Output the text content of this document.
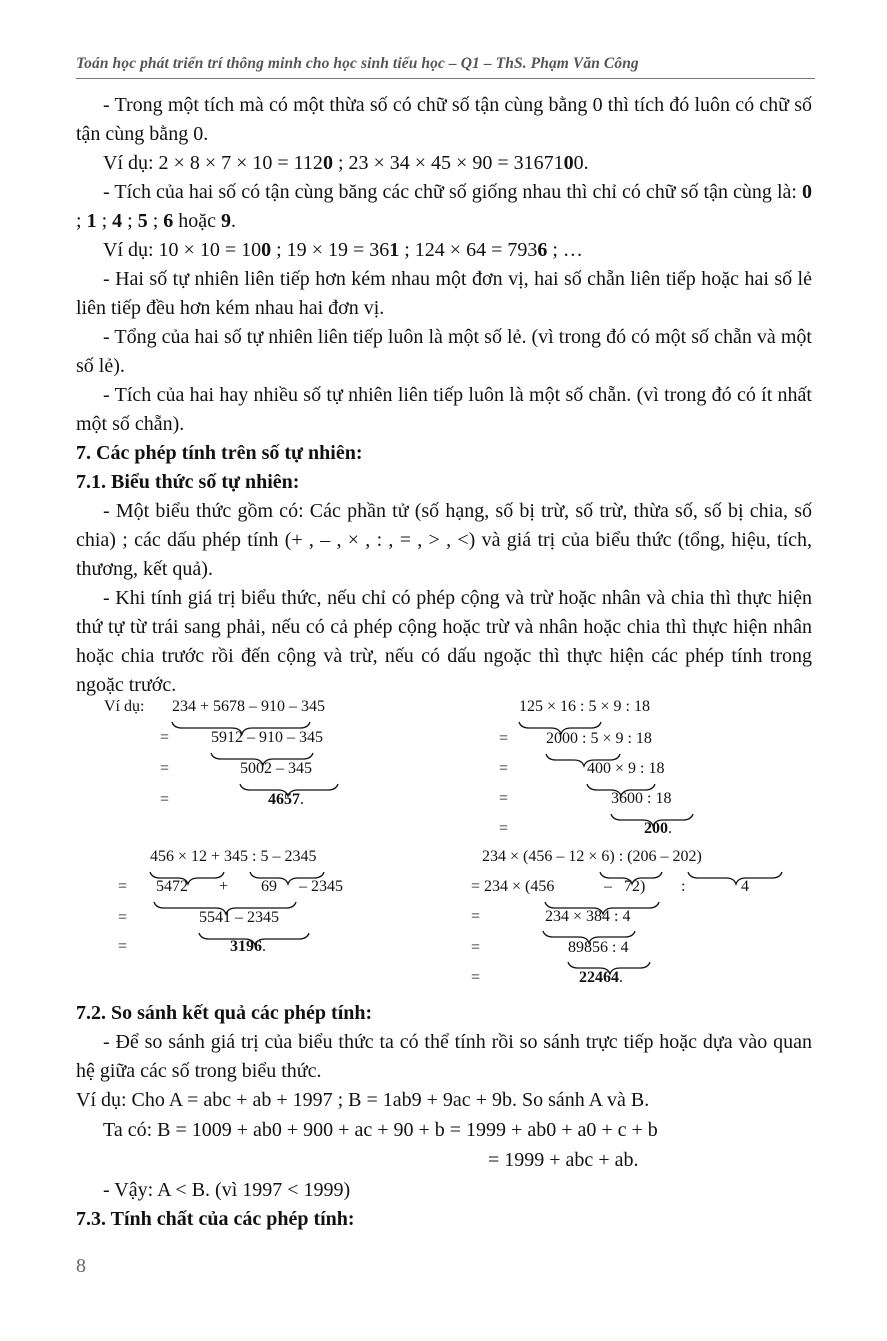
Toán học phát triển trí thông minh cho học sinh tiểu học – Q1 – ThS. Phạm Văn Công

- Trong một tích mà có một thừa số có chữ số tận cùng bằng 0 thì tích đó luôn có chữ số tận cùng bằng 0.

Ví dụ: 2 × 8 × 7 × 10 = 1120 ; 23 × 34 × 45 × 90 = 3167100.

- Tích của hai số có tận cùng băng các chữ số giống nhau thì chỉ có chữ số tận cùng là: 0 ; 1 ; 4 ; 5 ; 6 hoặc 9.

Ví dụ: 10 × 10 = 100 ; 19 × 19 = 361 ; 124 × 64 = 7936 ; …

- Hai số tự nhiên liên tiếp hơn kém nhau một đơn vị, hai số chẵn liên tiếp hoặc hai số lẻ liên tiếp đều hơn kém nhau hai đơn vị.

- Tổng của hai số tự nhiên liên tiếp luôn là một số lẻ. (vì trong đó có một số chẵn và một số lẻ).

- Tích của hai hay nhiều số tự nhiên liên tiếp luôn là một số chẵn. (vì trong đó có ít nhất một số chẵn).

7. Các phép tính trên số tự nhiên:

7.1. Biểu thức số tự nhiên:

- Một biểu thức gồm có: Các phần tử (số hạng, số bị trừ, số trừ, thừa số, số bị chia, số chia) ; các dấu phép tính (+ , – , × , : , = , > , <) và giá trị của biểu thức (tổng, hiệu, tích, thương, kết quả).

- Khi tính giá trị biểu thức, nếu chỉ có phép cộng và trừ hoặc nhân và chia thì thực hiện thứ tự từ trái sang phải, nếu có cả phép cộng hoặc trừ và nhân hoặc chia thì thực hiện nhân hoặc chia trước rồi đến cộng và trừ, nếu có dấu ngoặc thì thực hiện các phép tính trong ngoặc trước.

Ví dụ: 234 + 5678 – 910 – 345
=	5912 – 910 – 345
=	5002 – 345
=	4657.
125 × 16 : 5 × 9 : 18
= 2000 : 5 × 9 : 18
=	400 × 9 : 18
=	3600 : 18
=	200.
456 × 12 + 345 : 5 – 2345
= 5472 + 69 – 2345
=	5541 – 2345
=	3196.
234 × (456 – 12 × 6) : (206 – 202)
= 234 × (456	– 72) :	4
=	234 × 384 : 4
=	89856 : 4
=	22464.

7.2. So sánh kết quả các phép tính:

- Để so sánh giá trị của biểu thức ta có thể tính rồi so sánh trực tiếp hoặc dựa vào quan hệ giữa các số trong biểu thức.

Ví dụ: Cho A = abc + ab + 1997 ; B = 1ab9 + 9ac + 9b. So sánh A và B.

Ta có: B = 1009 + ab0 + 900 + ac + 90 + b = 1999 + ab0 + a0 + c + b

= 1999 + abc + ab.

- Vậy: A < B. (vì 1997 < 1999)

7.3. Tính chất của các phép tính:

8
